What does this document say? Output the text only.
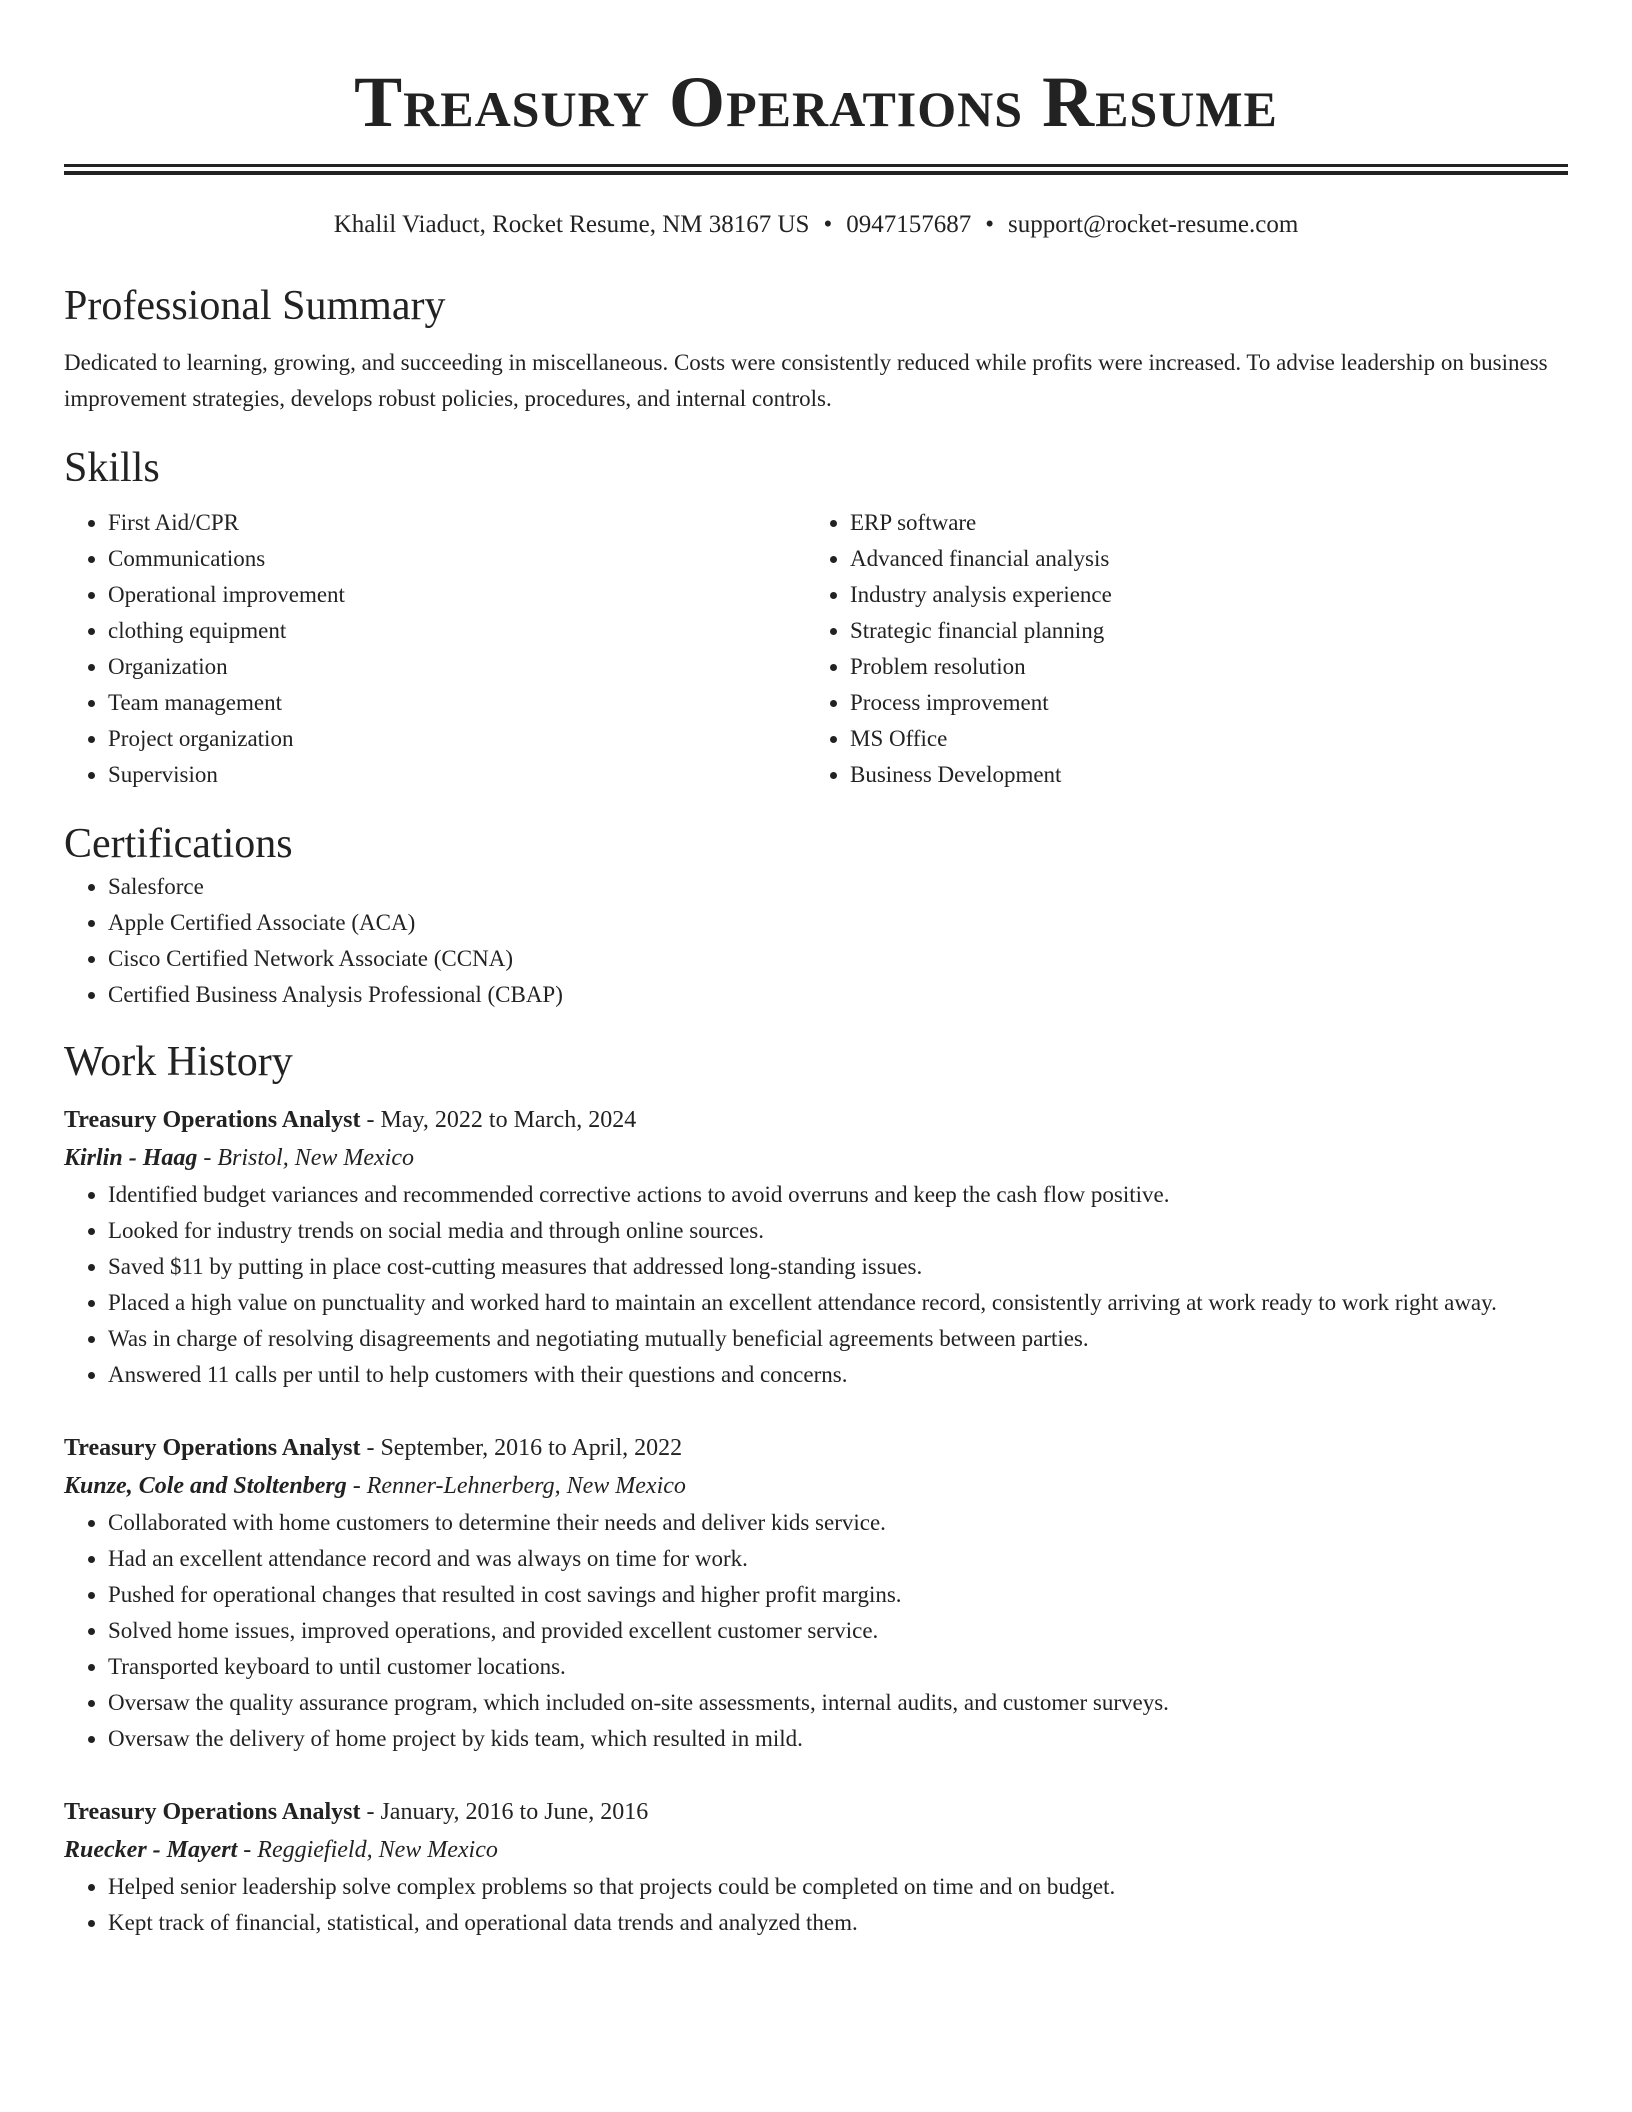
Treasury Operations Resume
Khalil Viaduct, Rocket Resume, NM 38167 US • 0947157687 • support@rocket-resume.com
Professional Summary

Dedicated to learning, growing, and succeeding in miscellaneous. Costs were consistently reduced while profits were increased. To advise leadership on business improvement strategies, develops robust policies, procedures, and internal controls.

Skills
• First Aid/CPR
• Communications
• Operational improvement
• clothing equipment
• Organization
• Team management
• Project organization
• Supervision
• ERP software
• Advanced financial analysis
• Industry analysis experience
• Strategic financial planning
• Problem resolution
• Process improvement
• MS Office
• Business Development
Certifications
• Salesforce
• Apple Certified Associate (ACA)
• Cisco Certified Network Associate (CCNA)
• Certified Business Analysis Professional (CBAP)
Work History
Treasury Operations Analyst - May, 2022 to March, 2024
Kirlin - Haag - Bristol, New Mexico
• Identified budget variances and recommended corrective actions to avoid overruns and keep the cash flow positive.
• Looked for industry trends on social media and through online sources.
• Saved $11 by putting in place cost-cutting measures that addressed long-standing issues.
• Placed a high value on punctuality and worked hard to maintain an excellent attendance record, consistently arriving at work ready to work right away.
• Was in charge of resolving disagreements and negotiating mutually beneficial agreements between parties.
• Answered 11 calls per until to help customers with their questions and concerns.
Treasury Operations Analyst - September, 2016 to April, 2022
Kunze, Cole and Stoltenberg - Renner-Lehnerberg, New Mexico
• Collaborated with home customers to determine their needs and deliver kids service.
• Had an excellent attendance record and was always on time for work.
• Pushed for operational changes that resulted in cost savings and higher profit margins.
• Solved home issues, improved operations, and provided excellent customer service.
• Transported keyboard to until customer locations.
• Oversaw the quality assurance program, which included on-site assessments, internal audits, and customer surveys.
• Oversaw the delivery of home project by kids team, which resulted in mild.
Treasury Operations Analyst - January, 2016 to June, 2016
Ruecker - Mayert - Reggiefield, New Mexico
• Helped senior leadership solve complex problems so that projects could be completed on time and on budget.
• Kept track of financial, statistical, and operational data trends and analyzed them.
